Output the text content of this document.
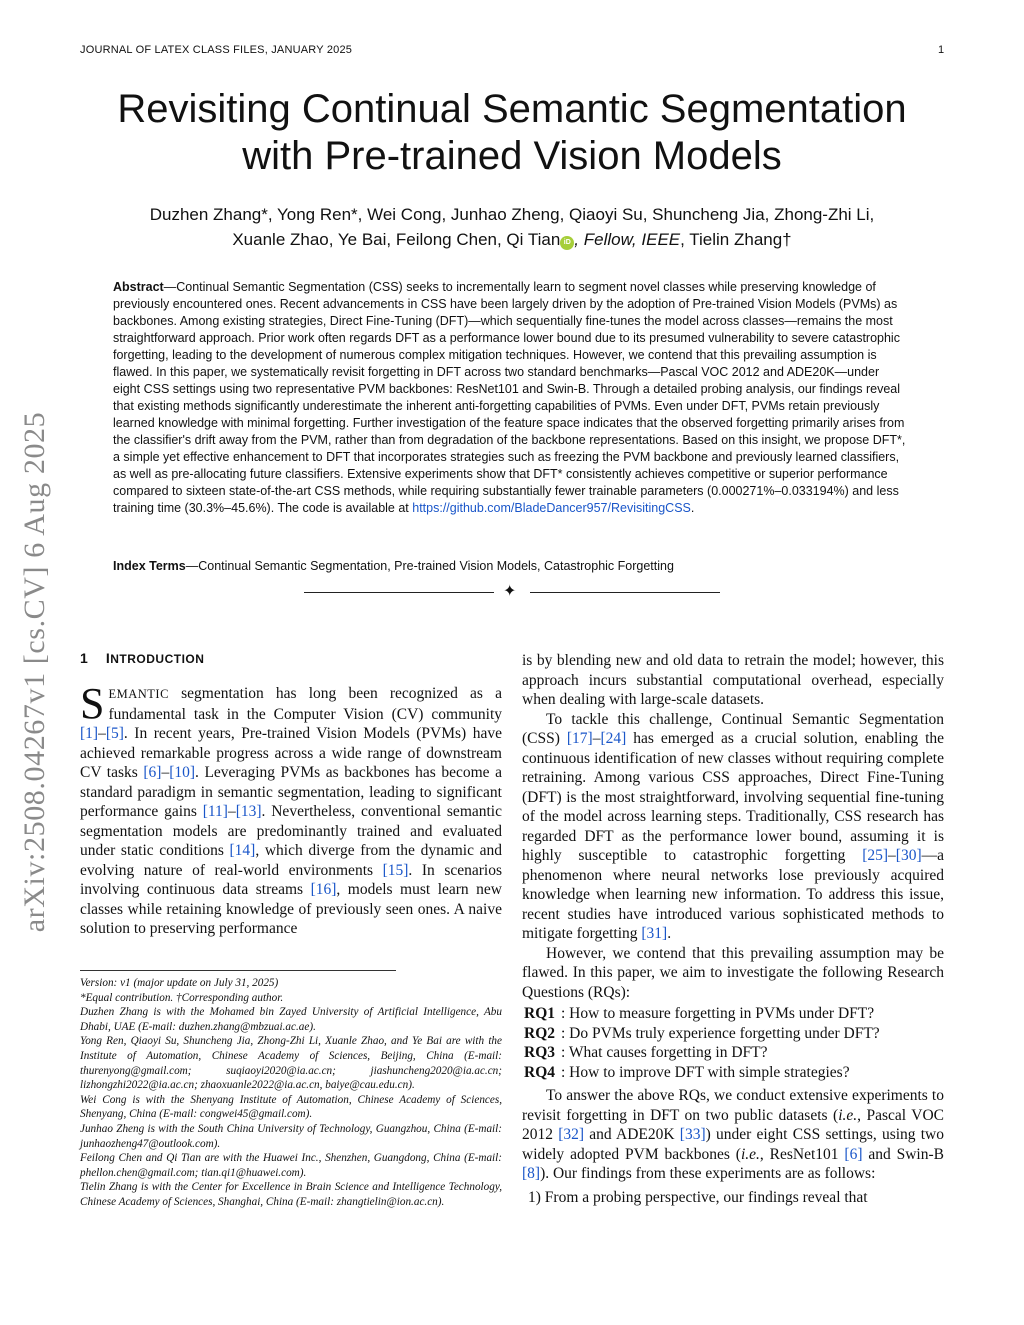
JOURNAL OF LATEX CLASS FILES, JANUARY 2025	1
arXiv:2508.04267v1 [cs.CV] 6 Aug 2025
Revisiting Continual Semantic Segmentation
with Pre-trained Vision Models
Duzhen Zhang*, Yong Ren*, Wei Cong, Junhao Zheng, Qiaoyi Su, Shuncheng Jia, Zhong-Zhi Li,
Xuanle Zhao, Ye Bai, Feilong Chen, Qi Tian iD , Fellow, IEEE, Tielin Zhang†
Abstract—Continual Semantic Segmentation (CSS) seeks to incrementally learn to segment novel classes while preserving knowledge of previously encountered ones. Recent advancements in CSS have been largely driven by the adoption of Pre-trained Vision Models (PVMs) as backbones. Among existing strategies, Direct Fine-Tuning (DFT)—which sequentially fine-tunes the model across classes—remains the most straightforward approach. Prior work often regards DFT as a performance lower bound due to its presumed vulnerability to severe catastrophic forgetting, leading to the development of numerous complex mitigation techniques. However, we contend that this prevailing assumption is flawed. In this paper, we systematically revisit forgetting in DFT across two standard benchmarks—Pascal VOC 2012 and ADE20K—under eight CSS settings using two representative PVM backbones: ResNet101 and Swin-B. Through a detailed probing analysis, our findings reveal that existing methods significantly underestimate the inherent anti-forgetting capabilities of PVMs. Even under DFT, PVMs retain previously learned knowledge with minimal forgetting. Further investigation of the feature space indicates that the observed forgetting primarily arises from the classifier's drift away from the PVM, rather than from degradation of the backbone representations. Based on this insight, we propose DFT*, a simple yet effective enhancement to DFT that incorporates strategies such as freezing the PVM backbone and previously learned classifiers, as well as pre-allocating future classifiers. Extensive experiments show that DFT* consistently achieves competitive or superior performance compared to sixteen state-of-the-art CSS methods, while requiring substantially fewer trainable parameters (0.000271%–0.033194%) and less training time (30.3%–45.6%). The code is available at https://github.com/BladeDancer957/RevisitingCSS.
Index Terms—Continual Semantic Segmentation, Pre-trained Vision Models, Catastrophic Forgetting
✦
1 INTRODUCTION
SEMANTIC segmentation has long been recognized as a fundamental task in the Computer Vision (CV) community [1]–[5]. In recent years, Pre-trained Vision Models (PVMs) have achieved remarkable progress across a wide range of downstream CV tasks [6]–[10]. Leveraging PVMs as backbones has become a standard paradigm in semantic segmentation, leading to significant performance gains [11]–[13]. Nevertheless, conventional semantic segmentation models are predominantly trained and evaluated under static conditions [14], which diverge from the dynamic and evolving nature of real-world environments [15]. In scenarios involving continuous data streams [16], models must learn new classes while retaining knowledge of previously seen ones. A naive solution to preserving performance

Version: v1 (major update on July 31, 2025)

*Equal contribution. †Corresponding author.

Duzhen Zhang is with the Mohamed bin Zayed University of Artificial Intelligence, Abu Dhabi, UAE (E-mail: duzhen.zhang@mbzuai.ac.ae).

Yong Ren, Qiaoyi Su, Shuncheng Jia, Zhong-Zhi Li, Xuanle Zhao, and Ye Bai are with the Institute of Automation, Chinese Academy of Sciences, Beijing, China (E-mail: thurenyong@gmail.com; suqiaoyi2020@ia.ac.cn; jiashuncheng2020@ia.ac.cn; lizhongzhi2022@ia.ac.cn; zhaoxuanle2022@ia.ac.cn, baiye@cau.edu.cn).

Wei Cong is with the Shenyang Institute of Automation, Chinese Academy of Sciences, Shenyang, China (E-mail: congwei45@gmail.com).

Junhao Zheng is with the South China University of Technology, Guangzhou, China (E-mail: junhaozheng47@outlook.com).

Feilong Chen and Qi Tian are with the Huawei Inc., Shenzhen, Guangdong, China (E-mail: phellon.chen@gmail.com; tian.qi1@huawei.com).

Tielin Zhang is with the Center for Excellence in Brain Science and Intelligence Technology, Chinese Academy of Sciences, Shanghai, China (E-mail: zhangtielin@ion.ac.cn).

is by blending new and old data to retrain the model; however, this approach incurs substantial computational overhead, especially when dealing with large-scale datasets.

To tackle this challenge, Continual Semantic Segmentation (CSS) [17]–[24] has emerged as a crucial solution, enabling the continuous identification of new classes without requiring complete retraining. Among various CSS approaches, Direct Fine-Tuning (DFT) is the most straightforward, involving sequential fine-tuning of the model across learning steps. Traditionally, CSS research has regarded DFT as the performance lower bound, assuming it is highly susceptible to catastrophic forgetting [25]–[30]—a phenomenon where neural networks lose previously acquired knowledge when learning new information. To address this issue, recent studies have introduced various sophisticated methods to mitigate forgetting [31].

However, we contend that this prevailing assumption may be flawed. In this paper, we aim to investigate the following Research Questions (RQs):

RQ1 : How to measure forgetting in PVMs under DFT?

RQ2 : Do PVMs truly experience forgetting under DFT?

RQ3 : What causes forgetting in DFT?

RQ4 : How to improve DFT with simple strategies?

To answer the above RQs, we conduct extensive experiments to revisit forgetting in DFT on two public datasets (i.e., Pascal VOC 2012 [32] and ADE20K [33]) under eight CSS settings, using two widely adopted PVM backbones (i.e., ResNet101 [6] and Swin-B [8]). Our findings from these experiments are as follows:

1) From a probing perspective, our findings reveal that
